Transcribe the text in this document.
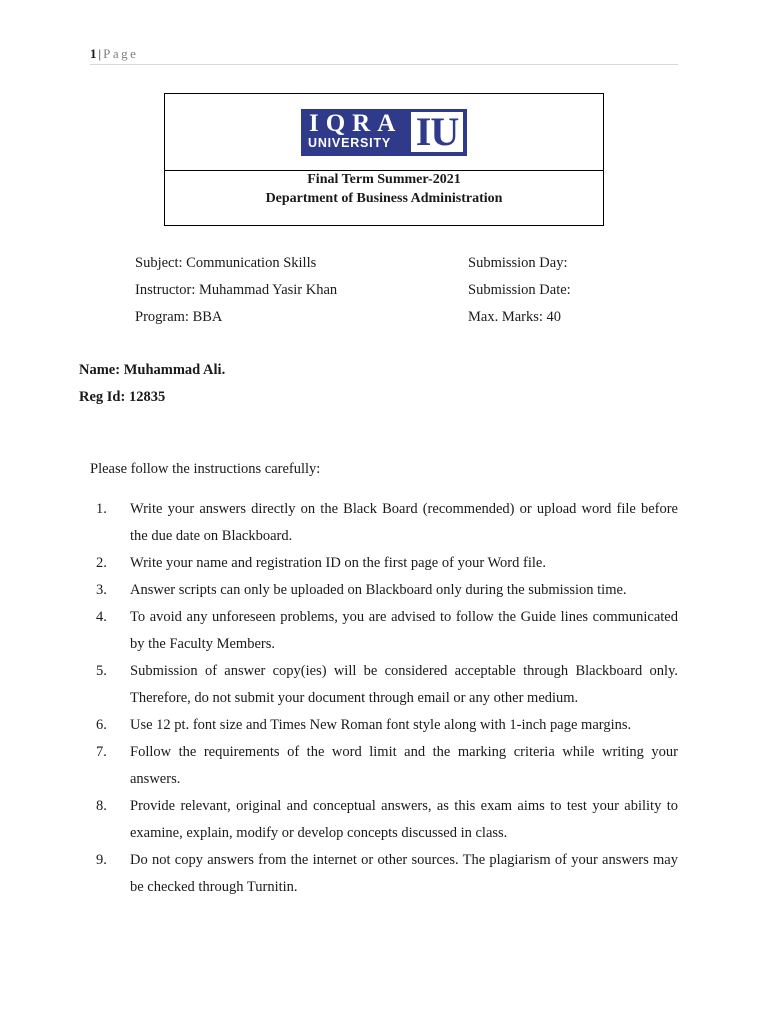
1 | Page
IQRA
UNIVERSITY IU
Final Term Summer-2021
Department of Business Administration
Subject: Communication Skills
Instructor: Muhammad Yasir Khan
Program: BBA
Submission Day:
Submission Date:
Max. Marks: 40
Name: Muhammad Ali.
Reg Id: 12835
Please follow the instructions carefully:
1. Write your answers directly on the Black Board (recommended) or upload word file before the due date on Blackboard.
2. Write your name and registration ID on the first page of your Word file.
3. Answer scripts can only be uploaded on Blackboard only during the submission time.
4. To avoid any unforeseen problems, you are advised to follow the Guide lines communicated by the Faculty Members.
5. Submission of answer copy(ies) will be considered acceptable through Blackboard only. Therefore, do not submit your document through email or any other medium.
6. Use 12 pt. font size and Times New Roman font style along with 1-inch page margins.
7. Follow the requirements of the word limit and the marking criteria while writing your answers.
8. Provide relevant, original and conceptual answers, as this exam aims to test your ability to examine, explain, modify or develop concepts discussed in class.
9. Do not copy answers from the internet or other sources. The plagiarism of your answers may be checked through Turnitin.
